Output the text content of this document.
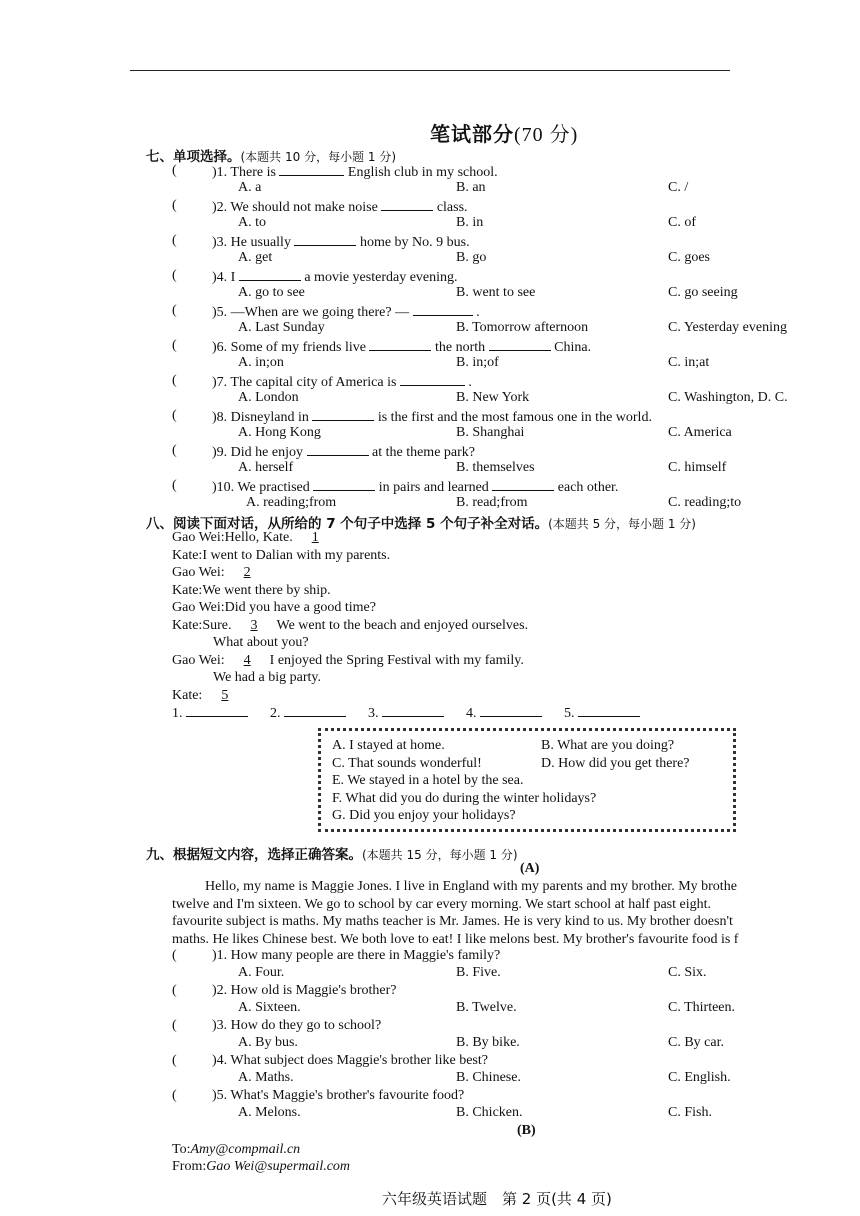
笔试部分(70 分)
七、单项选择。(本题共 10 分，每小题 1 分)
(	)1. There is	English club in my school.
A. a	B. an	C. /
(	)2. We should not make noise	class.
A. to	B. in	C. of
(	)3. He usually	home by No. 9 bus.
A. get	B. go	C. goes
(	)4. I	a movie yesterday evening.
A. go to see	B. went to see	C. go seeing
(	)5. —When are we going there? —	.
A. Last Sunday	B. Tomorrow afternoon	C. Yesterday evening
(	)6. Some of my friends live	the north	China.
A. in;on	B. in;of	C. in;at
(	)7. The capital city of America is	.
A. London	B. New York	C. Washington, D. C.
(	)8. Disneyland in	is the first and the most famous one in the world.
A. Hong Kong	B. Shanghai	C. America
(	)9. Did he enjoy	at the theme park?
A. herself	B. themselves	C. himself
(	)10. We practised	in pairs and learned	each other.
A. reading;from	B. read;from	C. reading;to
八、阅读下面对话，从所给的 7 个句子中选择 5 个句子补全对话。(本题共 5 分，每小题 1 分)
Gao Wei:Hello, Kate. 1
Kate:I went to Dalian with my parents.
Gao Wei: 2
Kate:We went there by ship.
Gao Wei:Did you have a good time?
Kate:Sure. 3 We went to the beach and enjoyed ourselves.
What about you?
Gao Wei: 4 I enjoyed the Spring Festival with my family.
We had a big party.
Kate: 5
1.	2.	3.	4.	5.
A. I stayed at home.	B. What are you doing?
C. That sounds wonderful!	D. How did you get there?
E. We stayed in a hotel by the sea.
F. What did you do during the winter holidays?
G. Did you enjoy your holidays?
九、根据短文内容，选择正确答案。(本题共 15 分，每小题 1 分)
(A)
Hello, my name is Maggie Jones. I live in England with my parents and my brother. My brothe
twelve and I'm sixteen. We go to school by car every morning. We start school at half past eight.
favourite subject is maths. My maths teacher is Mr. James. He is very kind to us. My brother doesn't
maths. He likes Chinese best. We both love to eat! I like melons best. My brother's favourite food is f
(	)1. How many people are there in Maggie's family?
A. Four.	B. Five.	C. Six.
(	)2. How old is Maggie's brother?
A. Sixteen.	B. Twelve.	C. Thirteen.
(	)3. How do they go to school?
A. By bus.	B. By bike.	C. By car.
(	)4. What subject does Maggie's brother like best?
A. Maths.	B. Chinese.	C. English.
(	)5. What's Maggie's brother's favourite food?
A. Melons.	B. Chicken.	C. Fish.
(B)
To:Amy@compmail.cn
From:Gao Wei@supermail.com
六年级英语试题　第 2 页(共 4 页)
